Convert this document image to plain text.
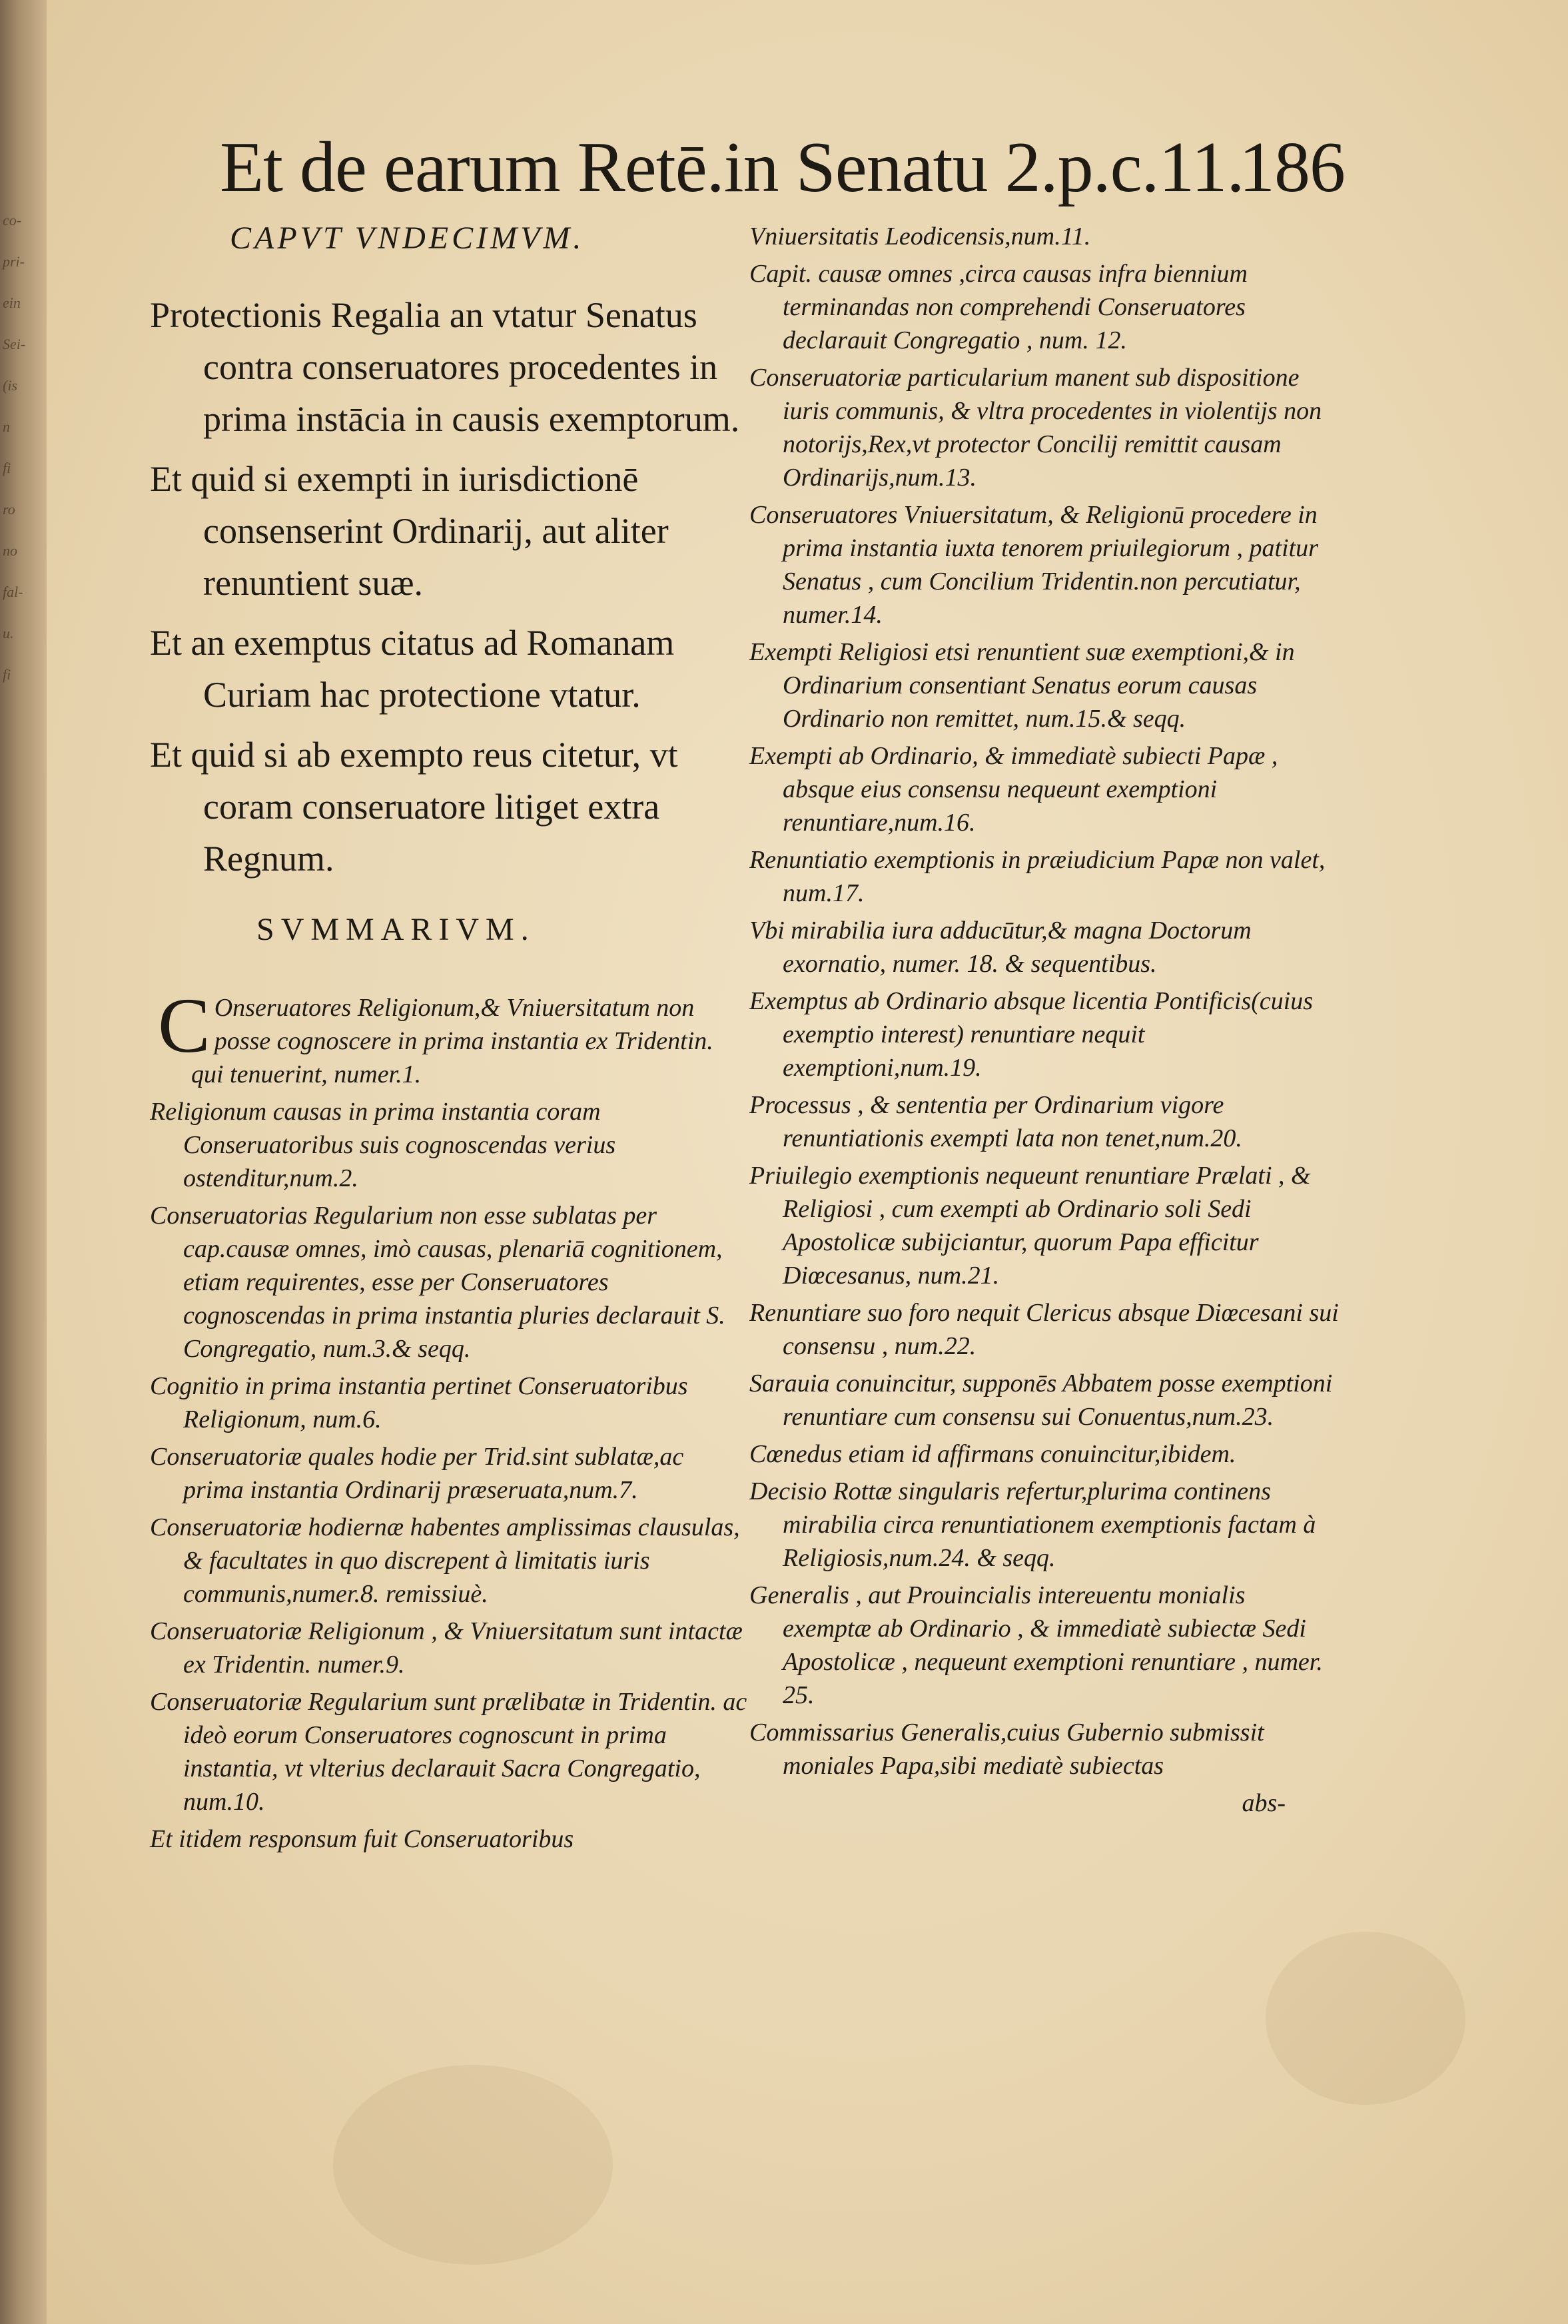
co-
pri-
ein
Sei-
(is
n
fi
ro
no
fal-
u.
fi
Et de earum Retē.in Senatu 2.p.c.11.
186
CAPVT VNDECIMVM.

Protectionis Regalia an vtatur Senatus contra conseruatores procedentes in prima instācia in causis exemptorum.

Et quid si exempti in iurisdictionē consenserint Ordinarij, aut aliter renuntient suæ.

Et an exemptus citatus ad Romanam Curiam hac protectione vtatur.

Et quid si ab exempto reus citetur, vt coram conseruatore litiget extra Regnum.

SVMMARIVM.

C Onseruatores Religionum,& Vniuersitatum non posse cognoscere in prima instantia ex Tridentin. qui tenuerint, numer.1.

Religionum causas in prima instantia coram Conseruatoribus suis cognoscendas verius ostenditur,num.2.

Conseruatorias Regularium non esse sublatas per cap.causæ omnes, imò causas, plenariā cognitionem, etiam requirentes, esse per Conseruatores cognoscendas in prima instantia pluries declarauit S. Congregatio, num.3.& seqq.

Cognitio in prima instantia pertinet Conseruatoribus Religionum, num.6.

Conseruatoriæ quales hodie per Trid.sint sublatæ,ac prima instantia Ordinarij præseruata,num.7.

Conseruatoriæ hodiernæ habentes amplissimas clausulas, & facultates in quo discrepent à limitatis iuris communis,numer.8. remissiuè.

Conseruatoriæ Religionum , & Vniuersitatum sunt intactæ ex Tridentin. numer.9.

Conseruatoriæ Regularium sunt prælibatæ in Tridentin. ac ideò eorum Conseruatores cognoscunt in prima instantia, vt vlterius declarauit Sacra Congregatio, num.10.

Et itidem responsum fuit Conseruatoribus

Vniuersitatis Leodicensis,num.11.

Capit. causæ omnes ,circa causas infra biennium terminandas non comprehendi Conseruatores declarauit Congregatio , num. 12.

Conseruatoriæ particularium manent sub dispositione iuris communis, & vltra procedentes in violentijs non notorijs,Rex,vt protector Concilij remittit causam Ordinarijs,num.13.

Conseruatores Vniuersitatum, & Religionū procedere in prima instantia iuxta tenorem priuilegiorum , patitur Senatus , cum Concilium Tridentin.non percutiatur, numer.14.

Exempti Religiosi etsi renuntient suæ exemptioni,& in Ordinarium consentiant Senatus eorum causas Ordinario non remittet, num.15.& seqq.

Exempti ab Ordinario, & immediatè subiecti Papæ , absque eius consensu nequeunt exemptioni renuntiare,num.16.

Renuntiatio exemptionis in præiudicium Papæ non valet, num.17.

Vbi mirabilia iura adducūtur,& magna Doctorum exornatio, numer. 18. & sequentibus.

Exemptus ab Ordinario absque licentia Pontificis(cuius exemptio interest) renuntiare nequit exemptioni,num.19.

Processus , & sententia per Ordinarium vigore renuntiationis exempti lata non tenet,num.20.

Priuilegio exemptionis nequeunt renuntiare Prælati , & Religiosi , cum exempti ab Ordinario soli Sedi Apostolicæ subijciantur, quorum Papa efficitur Diœcesanus, num.21.

Renuntiare suo foro nequit Clericus absque Diœcesani sui consensu , num.22.

Sarauia conuincitur, supponēs Abbatem posse exemptioni renuntiare cum consensu sui Conuentus,num.23.

Cœnedus etiam id affirmans conuincitur,ibidem.

Decisio Rottæ singularis refertur,plurima continens mirabilia circa renuntiationem exemptionis factam à Religiosis,num.24. & seqq.

Generalis , aut Prouincialis intereuentu monialis exemptæ ab Ordinario , & immediatè subiectæ Sedi Apostolicæ , nequeunt exemptioni renuntiare , numer. 25.

Commissarius Generalis,cuius Gubernio submissit moniales Papa,sibi mediatè subiectas

abs-
